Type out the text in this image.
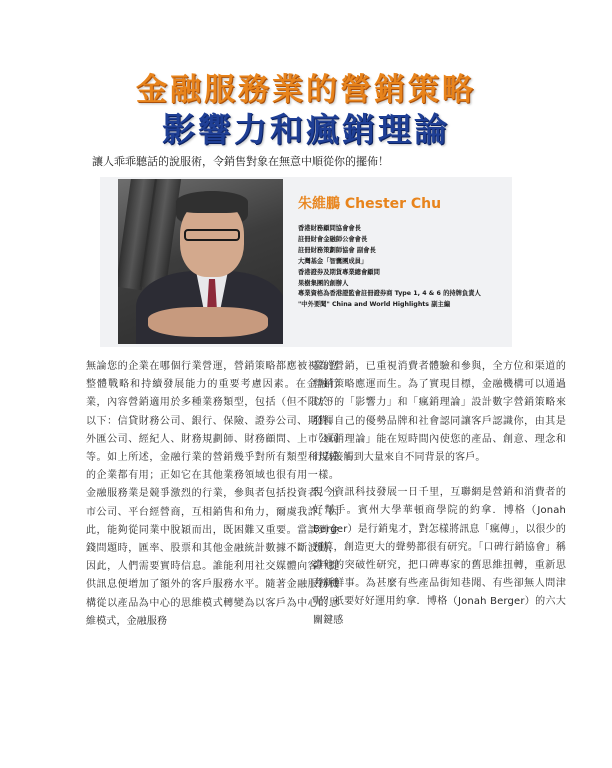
金融服務業的營銷策略
影響力和瘋銷理論
讓人乖乖聽話的說服術，令銷售對象在無意中順從你的擺佈！
朱維鵬 Chester Chu
香港財務顧問協會會長
註冊財會金融師公會會長
註冊財務策劃師協會 副會長
大灣基金「智囊團成員」
香港證券及期貨專業總會顧問
果樹集團的創辦人
專業資格為香港證監會註冊證券商 Type 1, 4 & 6 的持牌負責人
"中外要聞" China and World Highlights 副主編

無論您的企業在哪個行業營運，營銷策略都應被視為您整體戰略和持續發展能力的重要考慮因素。在金融行業，內容營銷適用於多種業務類型，包括（但不限於）以下：信貸財務公司、銀行、保險、證券公司、期貨、外匯公司、經紀人、財務規劃師、財務顧問、上市公司等。如上所述，金融行業的營銷幾乎對所有類型和規模的企業都有用；正如它在其他業務領域也很有用一樣。金融服務業是競爭激烈的行業，參與者包括投資者、上市公司、平台經營商，互相銷售和角力，爾虞我詐。因此，能夠從同業中脫穎而出，既困難又重要。當談到金錢問題時，匯率、股票和其他金融統計數據不斷波動，因此，人們需要實時信息。誰能利用社交媒體向客戶提供訊息便增加了額外的客戶服務水平。隨著金融服務機構從以產品為中心的思維模式轉變為以客戶為中心的思維模式，金融服務

業的營銷，已重視消費者體驗和參與，全方位和渠道的營銷策略應運而生。為了實現目標，金融機構可以通過以下的「影響力」和「瘋銷理論」設計數字營銷策略來發揮自己的優勢品牌和社會認同讓客戶認識你，由其是「瘋銷理論」能在短時間內使您的產品、創意、理念和行為接觸到大量來自不同背景的客戶。

現今資訊科技發展一日千里，互聯網是營銷和消費者的好幫手。賓州大學華頓商學院的約拿．博格（Jonah Berger）是行銷鬼才，對怎樣將訊息「瘋傳」，以很少的預算，創造更大的聲勢都很有研究。「口碑行銷協會」稱讚他的突破性研究，把口碑專家的舊思維扭轉，重新思考新鮮事。為甚麼有些產品街知巷聞、有些卻無人問津呢？祇要好好運用約拿．博格（Jonah Berger）的六大關鍵感
